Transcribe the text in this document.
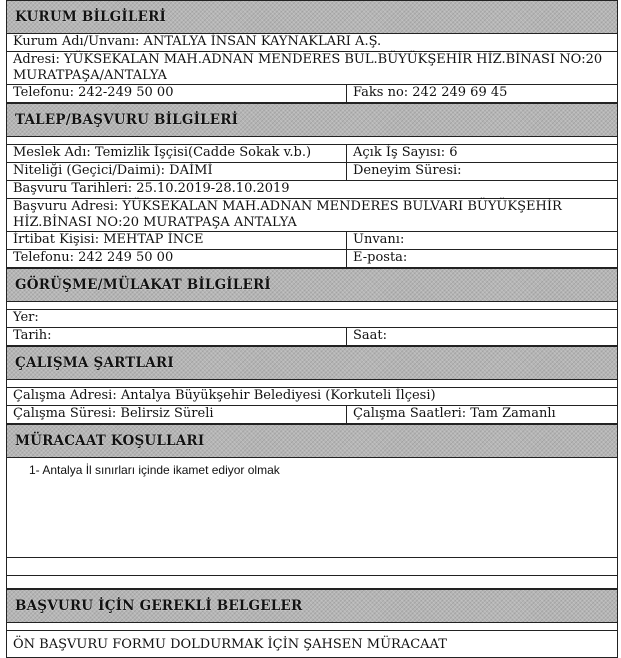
KURUM BİLGİLERİ
Kurum Adı/Unvanı: ANTALYA İNSAN KAYNAKLARI A.Ş.
Adresi: YÜKSEKALAN MAH.ADNAN MENDERES BUL.BÜYÜKŞEHİR HİZ.BİNASI NO:20 MURATPAŞA/ANTALYA
Telefonu: 242-249 50 00	Faks no: 242 249 69 45
TALEP/BAŞVURU BİLGİLERİ
Meslek Adı: Temizlik İşçisi(Cadde Sokak v.b.)	Açık İş Sayısı: 6
Niteliği (Geçici/Daimi): DAİMİ	Deneyim Süresi:
Başvuru Tarihleri: 25.10.2019-28.10.2019
Başvuru Adresi: YÜKSEKALAN MAH.ADNAN MENDERES BULVARI BÜYÜKŞEHİR HİZ.BİNASI NO:20 MURATPAŞA ANTALYA
İrtibat Kişisi: MEHTAP İNCE	Unvanı:
Telefonu: 242 249 50 00	E-posta:
GÖRÜŞME/MÜLAKAT BİLGİLERİ
Yer:
Tarih:	Saat:
ÇALIŞMA ŞARTLARI
Çalışma Adresi: Antalya Büyükşehir Belediyesi (Korkuteli İlçesi)
Çalışma Süresi: Belirsiz Süreli	Çalışma Saatleri: Tam Zamanlı
MÜRACAAT KOŞULLARI
1- Antalya İl sınırları içinde ikamet ediyor olmak
BAŞVURU İÇİN GEREKLİ BELGELER
ÖN BAŞVURU FORMU DOLDURMAK İÇİN ŞAHSEN MÜRACAAT
